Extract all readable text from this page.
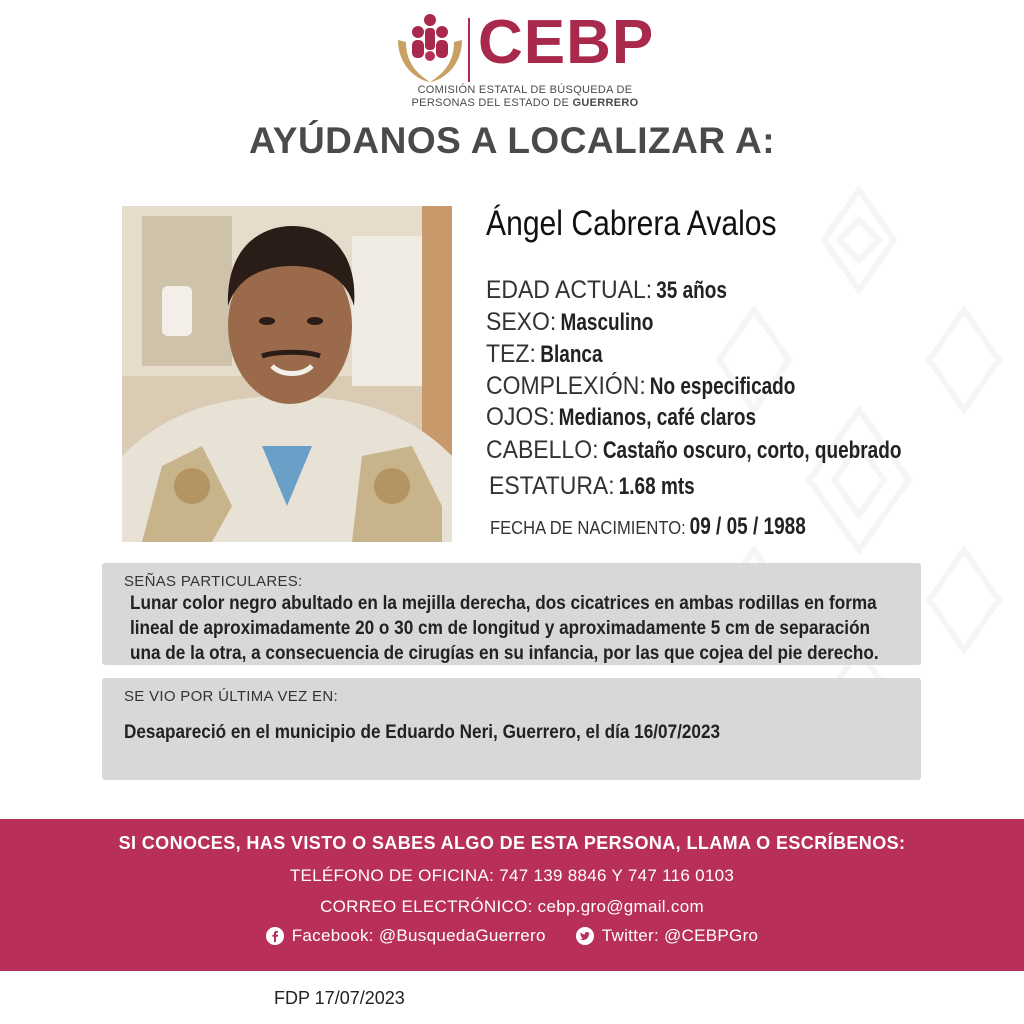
CEBP
COMISIÓN ESTATAL DE BÚSQUEDA DE
PERSONAS DEL ESTADO DE GUERRERO
AYÚDANOS A LOCALIZAR A:
Ángel Cabrera Avalos
EDAD ACTUAL: 35 años
SEXO: Masculino
TEZ: Blanca
COMPLEXIÓN: No especificado
OJOS: Medianos, café claros
CABELLO: Castaño oscuro, corto, quebrado
ESTATURA: 1.68 mts
FECHA DE NACIMIENTO: 09 / 05 / 1988
SEÑAS PARTICULARES:
Lunar color negro abultado en la mejilla derecha, dos cicatrices en ambas rodillas en forma
lineal de aproximadamente 20 o 30 cm de longitud y aproximadamente 5 cm de separación
una de la otra, a consecuencia de cirugías en su infancia, por las que cojea del pie derecho.
SE VIO POR ÚLTIMA VEZ EN:
Desapareció en el municipio de Eduardo Neri, Guerrero, el día 16/07/2023
SI CONOCES, HAS VISTO O SABES ALGO DE ESTA PERSONA, LLAMA O ESCRÍBENOS:
TELÉFONO DE OFICINA: 747 139 8846 Y 747 116 0103
CORREO ELECTRÓNICO: cebp.gro@gmail.com
Facebook: @BusquedaGuerrero	Twitter: @CEBPGro
FDP 17/07/2023
